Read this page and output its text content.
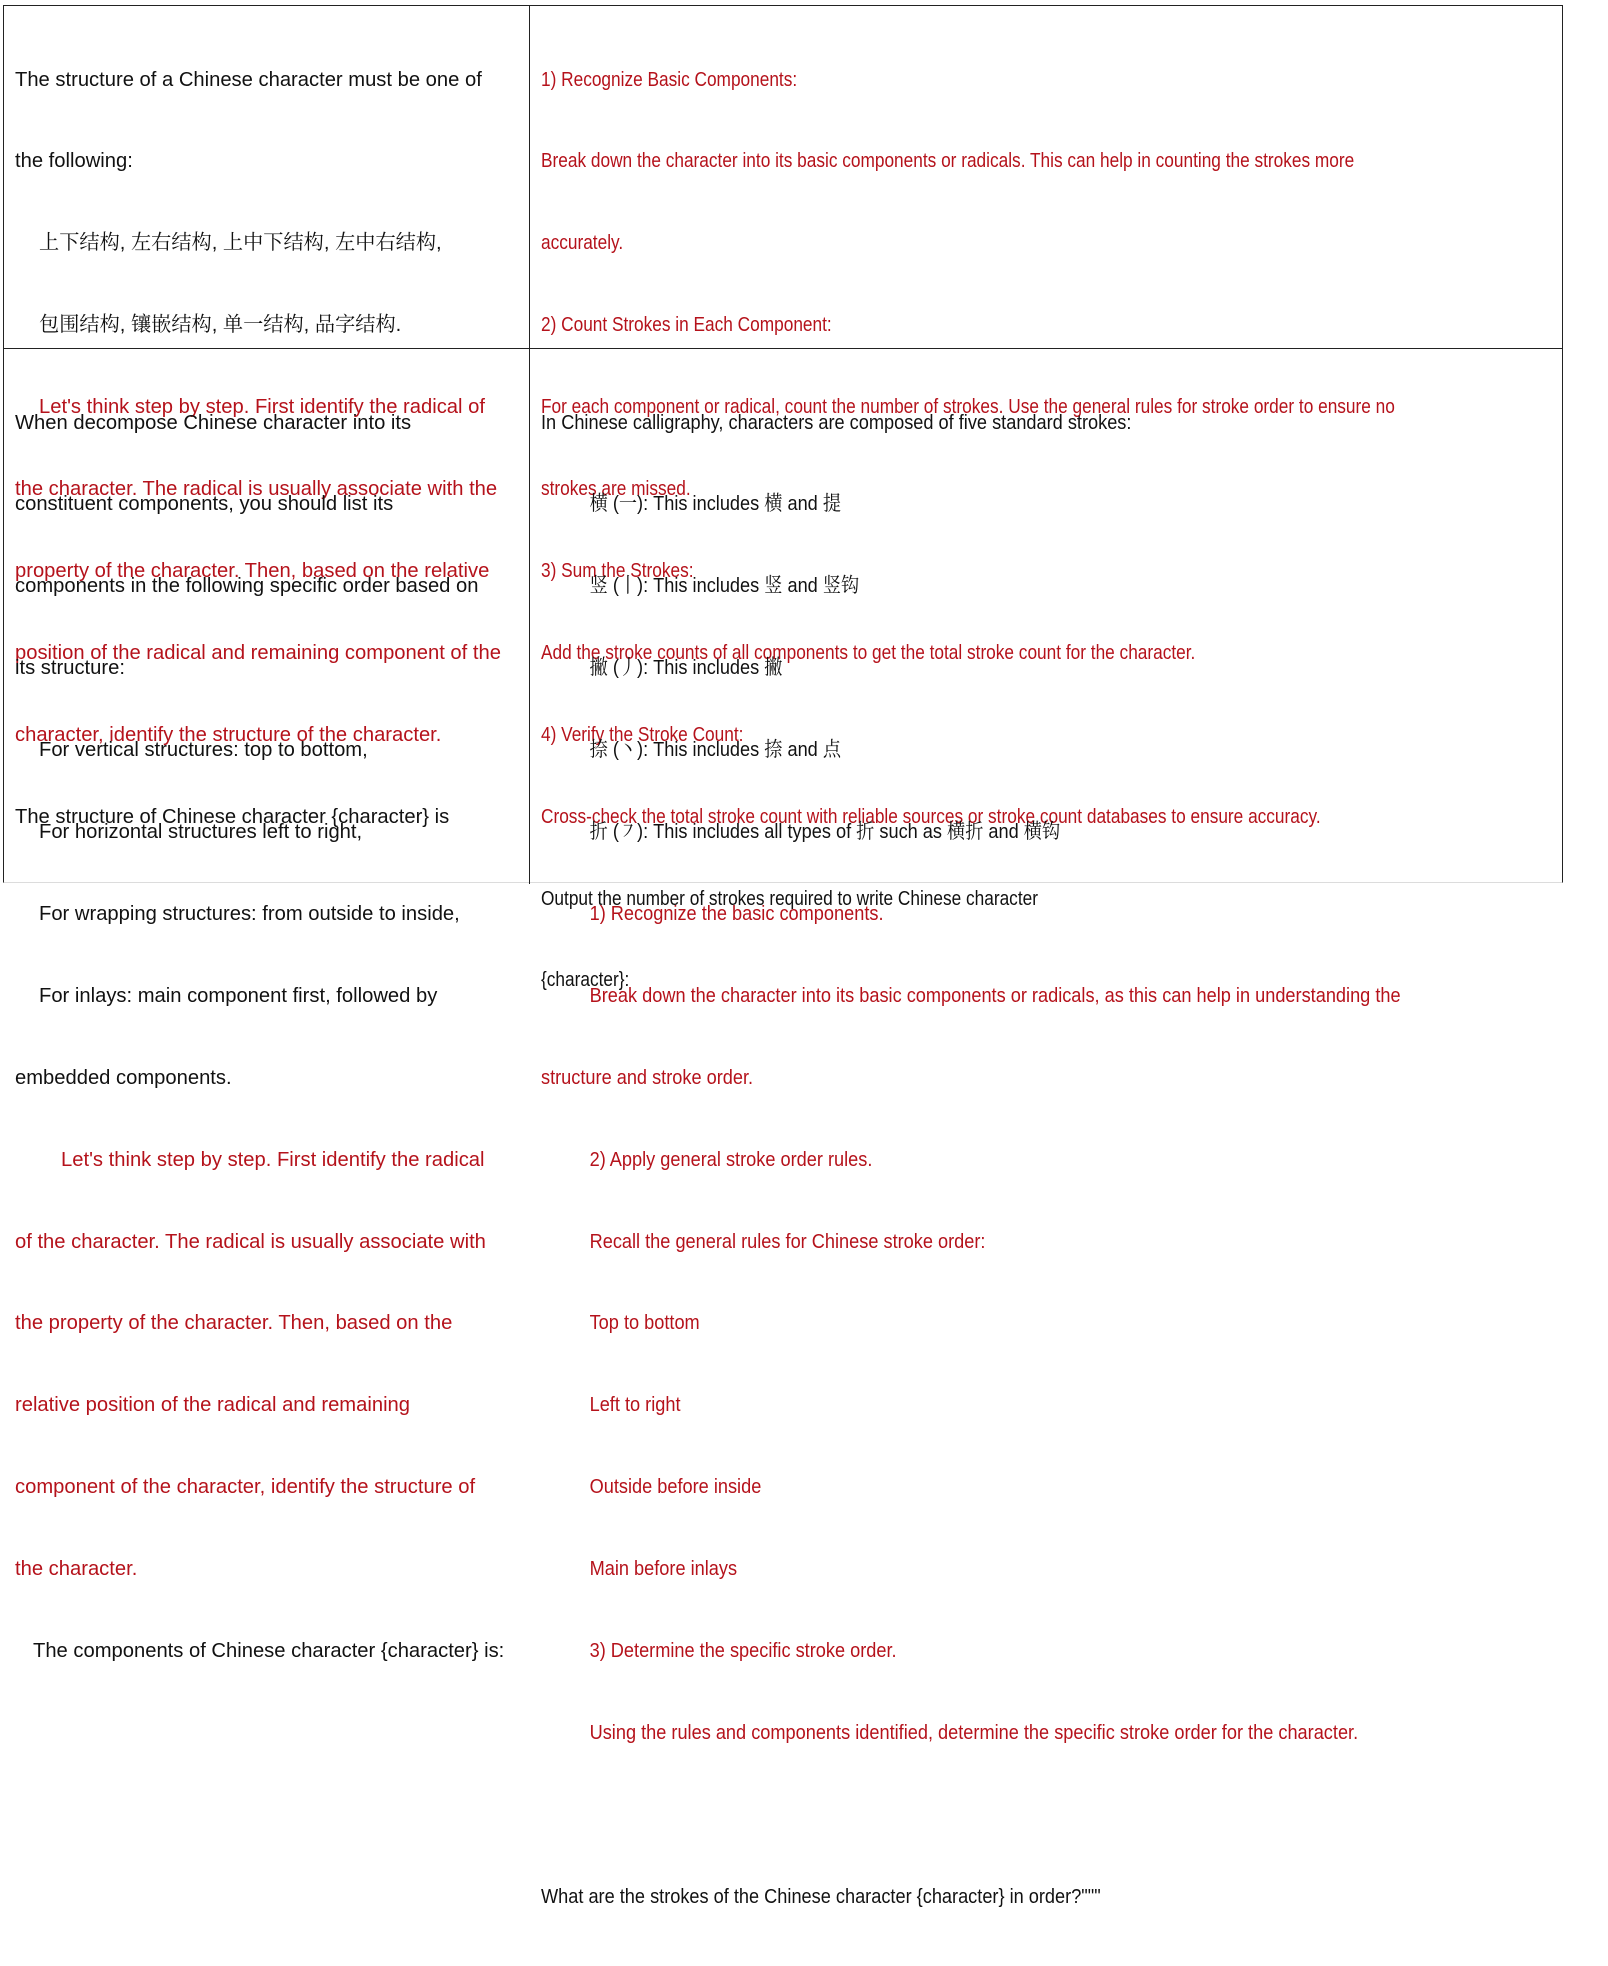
The structure of a Chinese character must be one of

the following:

上下结构, 左右结构, 上中下结构, 左中右结构,

包围结构, 镶嵌结构, 单一结构, 品字结构.

Let's think step by step. First identify the radical of

the character. The radical is usually associate with the

property of the character. Then, based on the relative

position of the radical and remaining component of the

character, identify the structure of the character.

The structure of Chinese character {character} is

1) Recognize Basic Components:

Break down the character into its basic components or radicals. This can help in counting the strokes more

accurately.

2) Count Strokes in Each Component:

For each component or radical, count the number of strokes. Use the general rules for stroke order to ensure no

strokes are missed.

3) Sum the Strokes:

Add the stroke counts of all components to get the total stroke count for the character.

4) Verify the Stroke Count:

Cross-check the total stroke count with reliable sources or stroke count databases to ensure accuracy.

Output the number of strokes required to write Chinese character

{character}:

When decompose Chinese character into its

constituent components, you should list its

components in the following specific order based on

its structure:

For vertical structures: top to bottom,

For horizontal structures left to right,

For wrapping structures: from outside to inside,

For inlays: main component first, followed by

embedded components.

Let's think step by step. First identify the radical

of the character. The radical is usually associate with

the property of the character. Then, based on the

relative position of the radical and remaining

component of the character, identify the structure of

the character.

The components of Chinese character {character} is:

In Chinese calligraphy, characters are composed of five standard strokes:

横 (一): This includes 横 and 提

竖 (丨): This includes 竖 and 竖钩

撇 (丿): This includes 撇

捺 (丶): This includes 捺 and 点

折 (㇇): This includes all types of 折 such as 横折 and 横钩

1) Recognize the basic components.

Break down the character into its basic components or radicals, as this can help in understanding the

structure and stroke order.

2) Apply general stroke order rules.

Recall the general rules for Chinese stroke order:

Top to bottom

Left to right

Outside before inside

Main before inlays

3) Determine the specific stroke order.

Using the rules and components identified, determine the specific stroke order for the character.

What are the strokes of the Chinese character {character} in order?"""
